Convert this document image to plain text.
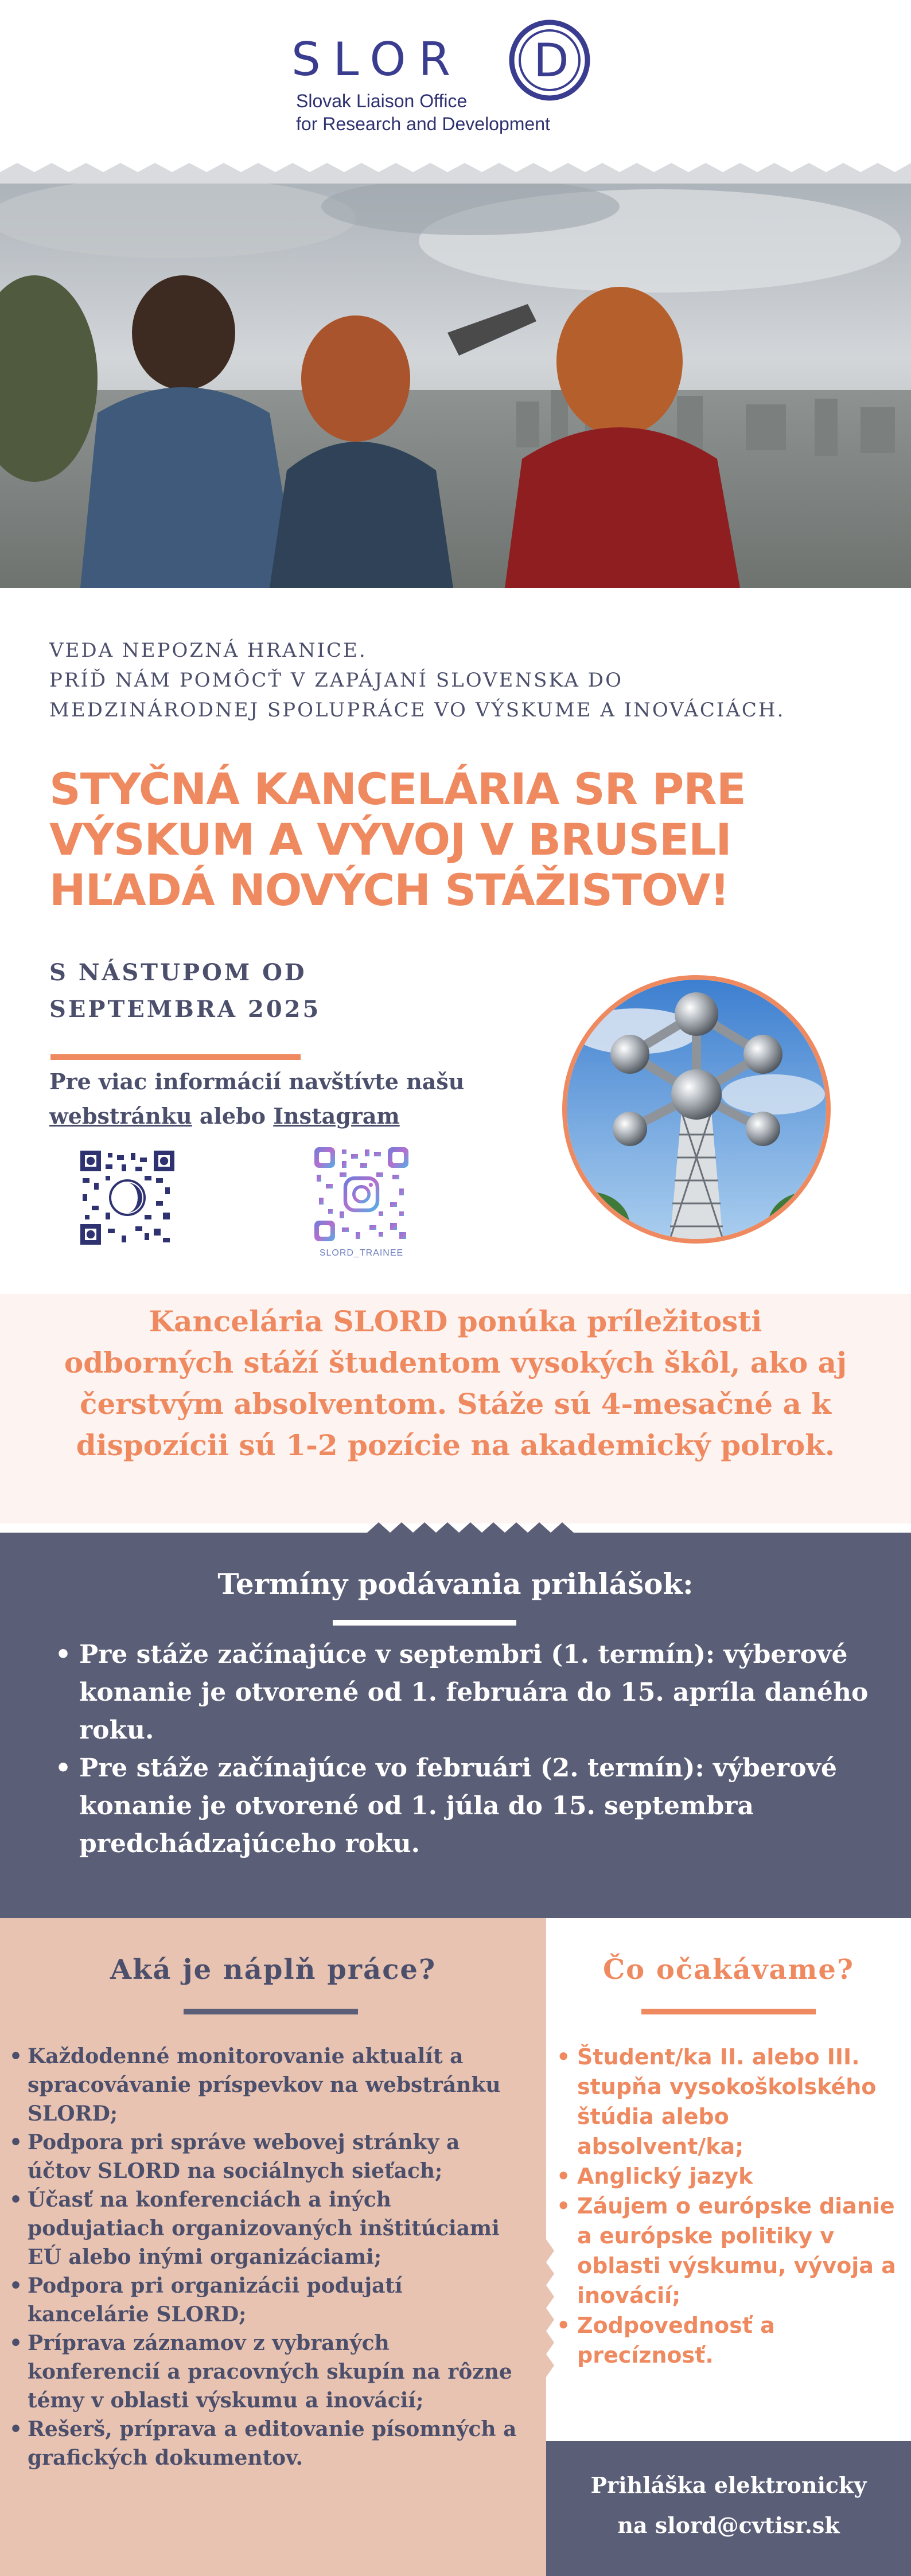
SLOR D
Slovak Liaison Office
for Research and Development
VEDA NEPOZNÁ HRANICE.
PRÍĎ NÁM POMÔCŤ V ZAPÁJANÍ SLOVENSKA DO
MEDZINÁRODNEJ SPOLUPRÁCE VO VÝSKUME A INOVÁCIÁCH.
STYČNÁ KANCELÁRIA SR PRE
VÝSKUM A VÝVOJ V BRUSELI
HĽADÁ NOVÝCH STÁŽISTOV!
S NÁSTUPOM OD
SEPTEMBRA 2025
Pre viac informácií navštívte našu
webstránku alebo Instagram
SLORD_TRAINEE
Kancelária SLORD ponúka príležitosti odborných stáží študentom vysokých škôl, ako aj čerstvým absolventom. Stáže sú 4-mesačné a k dispozícii sú 1-2 pozície na akademický polrok.
Termíny podávania prihlášok:
• Pre stáže začínajúce v septembri (1. termín): výberové konanie je otvorené od 1. februára do 15. apríla daného roku.
• Pre stáže začínajúce vo februári (2. termín): výberové konanie je otvorené od 1. júla do 15. septembra predchádzajúceho roku.
Aká je náplň práce?
• Každodenné monitorovanie aktualít a spracovávanie príspevkov na webstránku SLORD;
• Podpora pri správe webovej stránky a účtov SLORD na sociálnych sieťach;
• Účasť na konferenciách a iných podujatiach organizovaných inštitúciami EÚ alebo inými organizáciami;
• Podpora pri organizácii podujatí kancelárie SLORD;
• Príprava záznamov z vybraných konferencií a pracovných skupín na rôzne témy v oblasti výskumu a inovácií;
• Rešerš, príprava a editovanie písomných a grafických dokumentov.
Čo očakávame?
• Študent/ka II. alebo III. stupňa vysokoškolského štúdia alebo absolvent/ka;
• Anglický jazyk
• Záujem o európske dianie a európske politiky v oblasti výskumu, vývoja a inovácií;
• Zodpovednosť a precíznosť.
Prihláška elektronicky
na slord@cvtisr.sk
